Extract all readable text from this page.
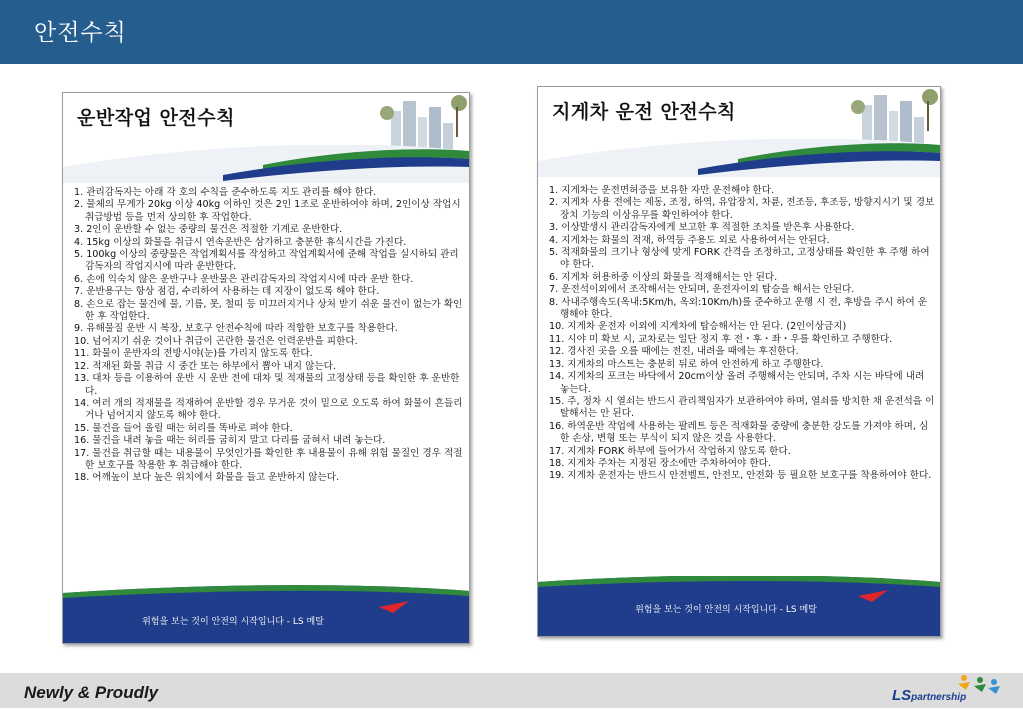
안전수칙
운반작업 안전수칙
1. 관리감독자는 아래 각 호의 수칙을 준수하도록 지도 관리를 해야 한다.
2. 물체의 무게가 20kg 이상 40kg 이하인 것은 2인 1조로 운반하여야 하며, 2인이상 작업시 취급방법 등을 먼저 상의한 후 작업한다.
3. 2인이 운반할 수 없는 중량의 물건은 적절한 기계로 운반한다.
4. 15kg 이상의 화물을 취급시 연속운반은 삼가하고 충분한 휴식시간을 가진다.
5. 100kg 이상의 중량물은 작업계획서를 작성하고 작업계획서에 준해 작업을 실시하되 관리감독자의 작업지시에 따라 운반한다.
6. 손에 익숙치 않은 운반구나 운반물은 관리감독자의 작업지시에 따라 운반 한다.
7. 운반용구는 항상 점검, 수리하여 사용하는 데 지장이 없도록 해야 한다.
8. 손으로 잡는 물건에 물, 기름, 못, 철띠 등 미끄러지거나 상처 받기 쉬운 물건이 없는가 확인한 후 작업한다.
9. 유해물질 운반 시 복장, 보호구 안전수칙에 따라 적합한 보호구를 착용한다.
10. 넘어지기 쉬운 것이나 취급이 곤란한 물건은 인력운반을 피한다.
11. 화물이 운반자의 전방시야(눈)를 가리지 않도록 한다.
12. 적재된 화물 취급 시 중간 또는 하부에서 뽑아 내지 않는다.
13. 대차 등을 이용하여 운반 시 운반 전에 대차 및 적재물의 고정상태 등을 확인한 후 운반한다.
14. 여러 개의 적재물을 적재하여 운반할 경우 무거운 것이 밑으로 오도록 하여 화물이 흔들리거나 넘어지지 않도록 해야 한다.
15. 물건을 들어 올릴 때는 허리를 똑바로 펴야 한다.
16. 물건을 내려 놓을 때는 허리를 굽히지 말고 다리를 굽혀서 내려 놓는다.
17. 물건을 취급할 때는 내용물이 무엇인가를 확인한 후 내용물이 유해 위험 물질인 경우 적절한 보호구를 착용한 후 취급해야 한다.
18. 어깨높이 보다 높은 위치에서 화물을 들고 운반하지 않는다.
위험을 보는 것이 안전의 시작입니다 - LS 메탈
지게차 운전 안전수칙
1. 지게차는 운전면허증을 보유한 자만 운전해야 한다.
2. 지게차 사용 전에는 제동, 조정, 하역, 유압장치, 차륜, 전조등, 후조등, 방향지시기 및 경보장치 기능의 이상유무를 확인하여야 한다.
3. 이상발생시 관리감독자에게 보고한 후 적절한 조치를 받은후 사용한다.
4. 지게차는 화물의 적재, 하역등 주용도 외로 사용하여서는 안된다.
5. 적재화물의 크기나 형상에 맞게 FORK 간격을 조정하고, 고정상태를 확인한 후 주행 하여야 한다.
6. 지게차 허용하중 이상의 화물을 적재해서는 안 된다.
7. 운전석이외에서 조작해서는 안되며, 운전자이외 탑승을 해서는 안된다.
8. 사내주행속도(옥내:5Km/h, 옥외:10Km/h)를 준수하고 운행 시 전, 후방을 주시 하여 운행해야 한다.
10. 지게차 운전자 이외에 지게차에 탑승해서는 안 된다. (2인이상금지)
11. 시야 미 확보 시, 교차로는 일단 정지 후 전・후・좌・우를 확인하고 주행한다.
12. 경사진 곳을 오를 때에는 전진, 내려올 때에는 후진한다.
13. 지게차의 마스트는 충분히 뒤로 하여 안전하게 하고 주행한다.
14. 지게차의 포크는 바닥에서 20cm이상 올려 주행해서는 안되며, 주차 시는 바닥에 내려 놓는다.
15. 주, 정차 시 열쇠는 반드시 관리책임자가 보관하여야 하며, 열쇠를 방치한 채 운전석을 이탈해서는 안 된다.
16. 하역운반 작업에 사용하는 팔레트 등은 적재화물 중량에 충분한 강도를 가져야 하며, 심한 손상, 변형 또는 부식이 되지 않은 것을 사용한다.
17. 지게차 FORK 하부에 들어가서 작업하지 않도록 한다.
18. 지게차 주차는 지정된 장소에만 주차하여야 한다.
19. 지게차 운전자는 반드시 안전벨트, 안전모, 안전화 등 필요한 보호구를 착용하여야 한다.
위험을 보는 것이 안전의 시작입니다 - LS 메탈
Newly & Proudly	LSpartnership
